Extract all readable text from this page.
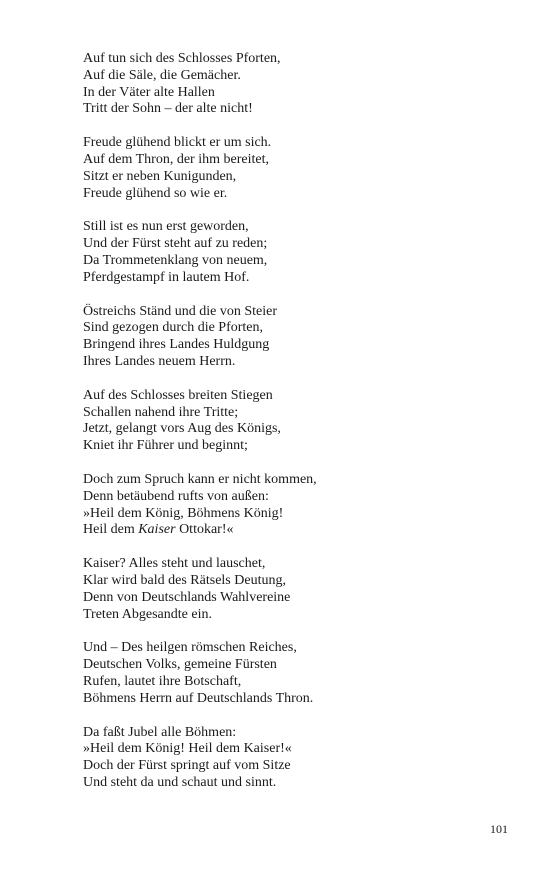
Auf tun sich des Schlosses Pforten,
Auf die Säle, die Gemächer.
In der Väter alte Hallen
Tritt der Sohn – der alte nicht!
Freude glühend blickt er um sich.
Auf dem Thron, der ihm bereitet,
Sitzt er neben Kunigunden,
Freude glühend so wie er.
Still ist es nun erst geworden,
Und der Fürst steht auf zu reden;
Da Trommetenklang von neuem,
Pferdgestampf in lautem Hof.
Östreichs Ständ und die von Steier
Sind gezogen durch die Pforten,
Bringend ihres Landes Huldgung
Ihres Landes neuem Herrn.
Auf des Schlosses breiten Stiegen
Schallen nahend ihre Tritte;
Jetzt, gelangt vors Aug des Königs,
Kniet ihr Führer und beginnt;
Doch zum Spruch kann er nicht kommen,
Denn betäubend rufts von außen:
»Heil dem König, Böhmens König!
Heil dem Kaiser Ottokar!«
Kaiser? Alles steht und lauschet,
Klar wird bald des Rätsels Deutung,
Denn von Deutschlands Wahlvereine
Treten Abgesandte ein.
Und – Des heilgen römschen Reiches,
Deutschen Volks, gemeine Fürsten
Rufen, lautet ihre Botschaft,
Böhmens Herrn auf Deutschlands Thron.
Da faßt Jubel alle Böhmen:
»Heil dem König! Heil dem Kaiser!«
Doch der Fürst springt auf vom Sitze
Und steht da und schaut und sinnt.
101
